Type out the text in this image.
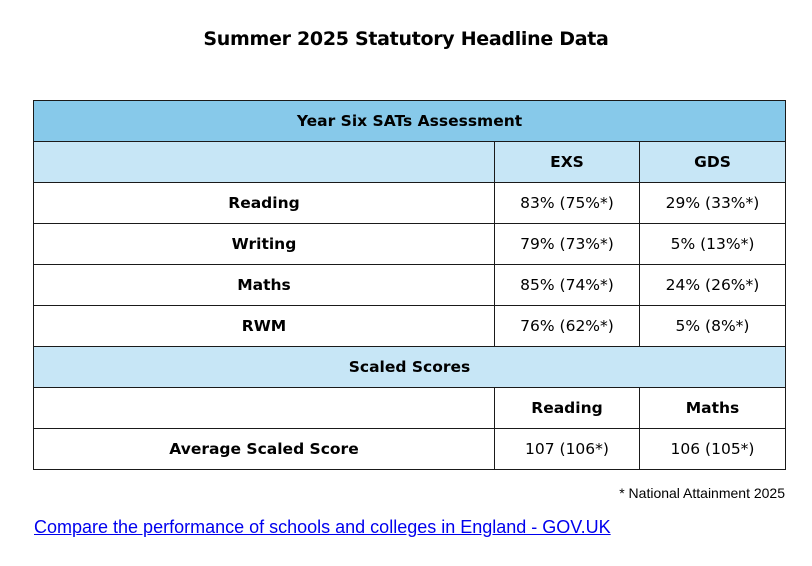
Summer 2025 Statutory Headline Data
Year Six SATs Assessment		
	EXS	GDS
Reading	83% (75%*)	29% (33%*)
Writing	79% (73%*)	5% (13%*)
Maths	85% (74%*)	24% (26%*)
RWM	76% (62%*)	5% (8%*)
Scaled Scores		
	Reading	Maths
Average Scaled Score	107 (106*)	106 (105*)
* National Attainment 2025
Compare the performance of schools and colleges in England - GOV.UK
